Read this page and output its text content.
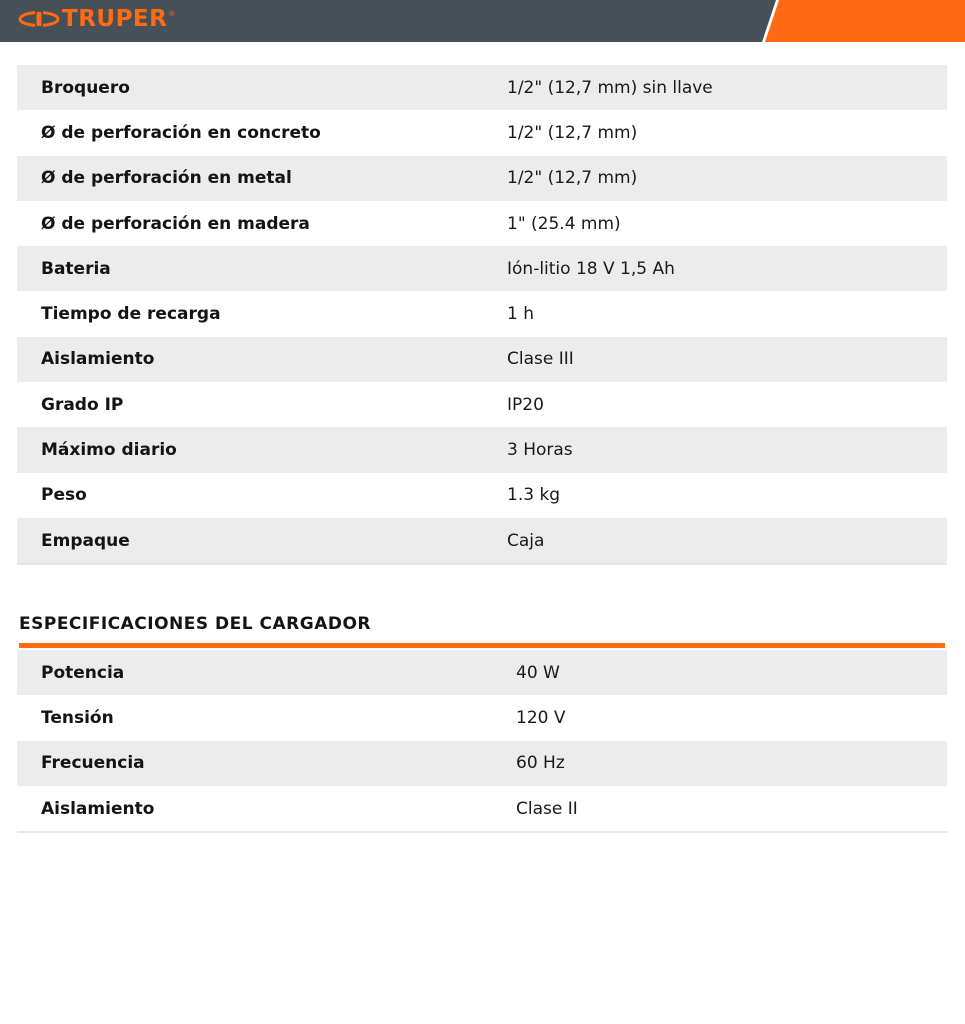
TRUPER ®
Broquero	1/2" (12,7 mm) sin llave
Ø de perforación en concreto	1/2" (12,7 mm)
Ø de perforación en metal	1/2" (12,7 mm)
Ø de perforación en madera	1" (25.4 mm)
Bateria	Ión-litio 18 V 1,5 Ah
Tiempo de recarga	1 h
Aislamiento	Clase III
Grado IP	IP20
Máximo diario	3 Horas
Peso	1.3 kg
Empaque	Caja
ESPECIFICACIONES DEL CARGADOR
Potencia	40 W
Tensión	120 V
Frecuencia	60 Hz
Aislamiento	Clase II
